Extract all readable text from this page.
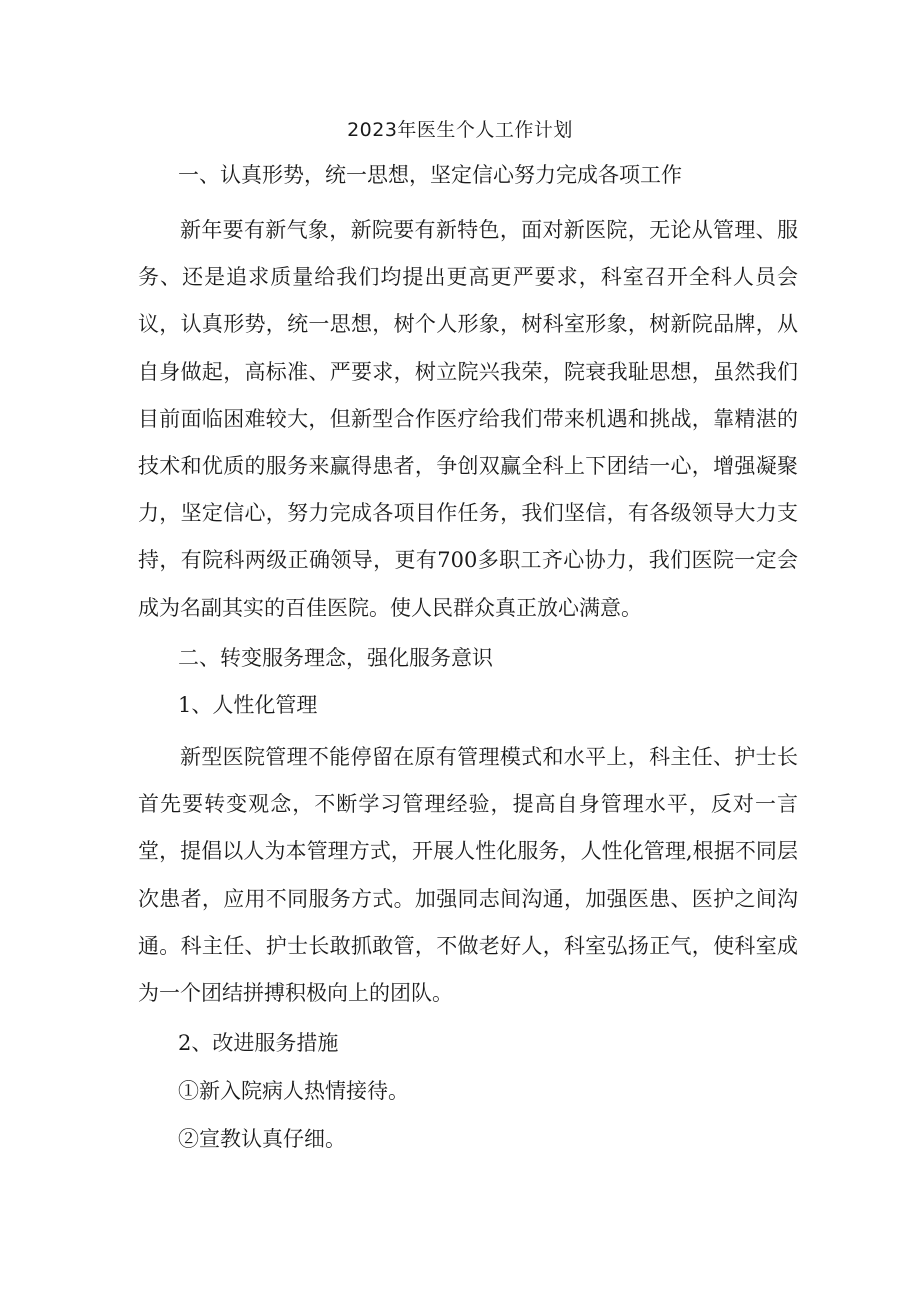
2023年医生个人工作计划
一、认真形势，统一思想，坚定信心努力完成各项工作

新年要有新气象，新院要有新特色，面对新医院，无论从管理、服务、还是追求质量给我们均提出更高更严要求，科室召开全科人员会议，认真形势，统一思想，树个人形象，树科室形象，树新院品牌，从自身做起，高标准、严要求，树立院兴我荣，院衰我耻思想，虽然我们目前面临困难较大，但新型合作医疗给我们带来机遇和挑战，靠精湛的技术和优质的服务来赢得患者，争创双赢全科上下团结一心，增强凝聚力，坚定信心，努力完成各项目作任务，我们坚信，有各级领导大力支持，有院科两级正确领导，更有700多职工齐心协力，我们医院一定会成为名副其实的百佳医院。使人民群众真正放心满意。

二、转变服务理念，强化服务意识
1、人性化管理

新型医院管理不能停留在原有管理模式和水平上，科主任、护士长首先要转变观念，不断学习管理经验，提高自身管理水平，反对一言堂，提倡以人为本管理方式，开展人性化服务，人性化管理,根据不同层次患者，应用不同服务方式。加强同志间沟通，加强医患、医护之间沟通。科主任、护士长敢抓敢管，不做老好人，科室弘扬正气，使科室成为一个团结拼搏积极向上的团队。

2、改进服务措施
①新入院病人热情接待。
②宣教认真仔细。
